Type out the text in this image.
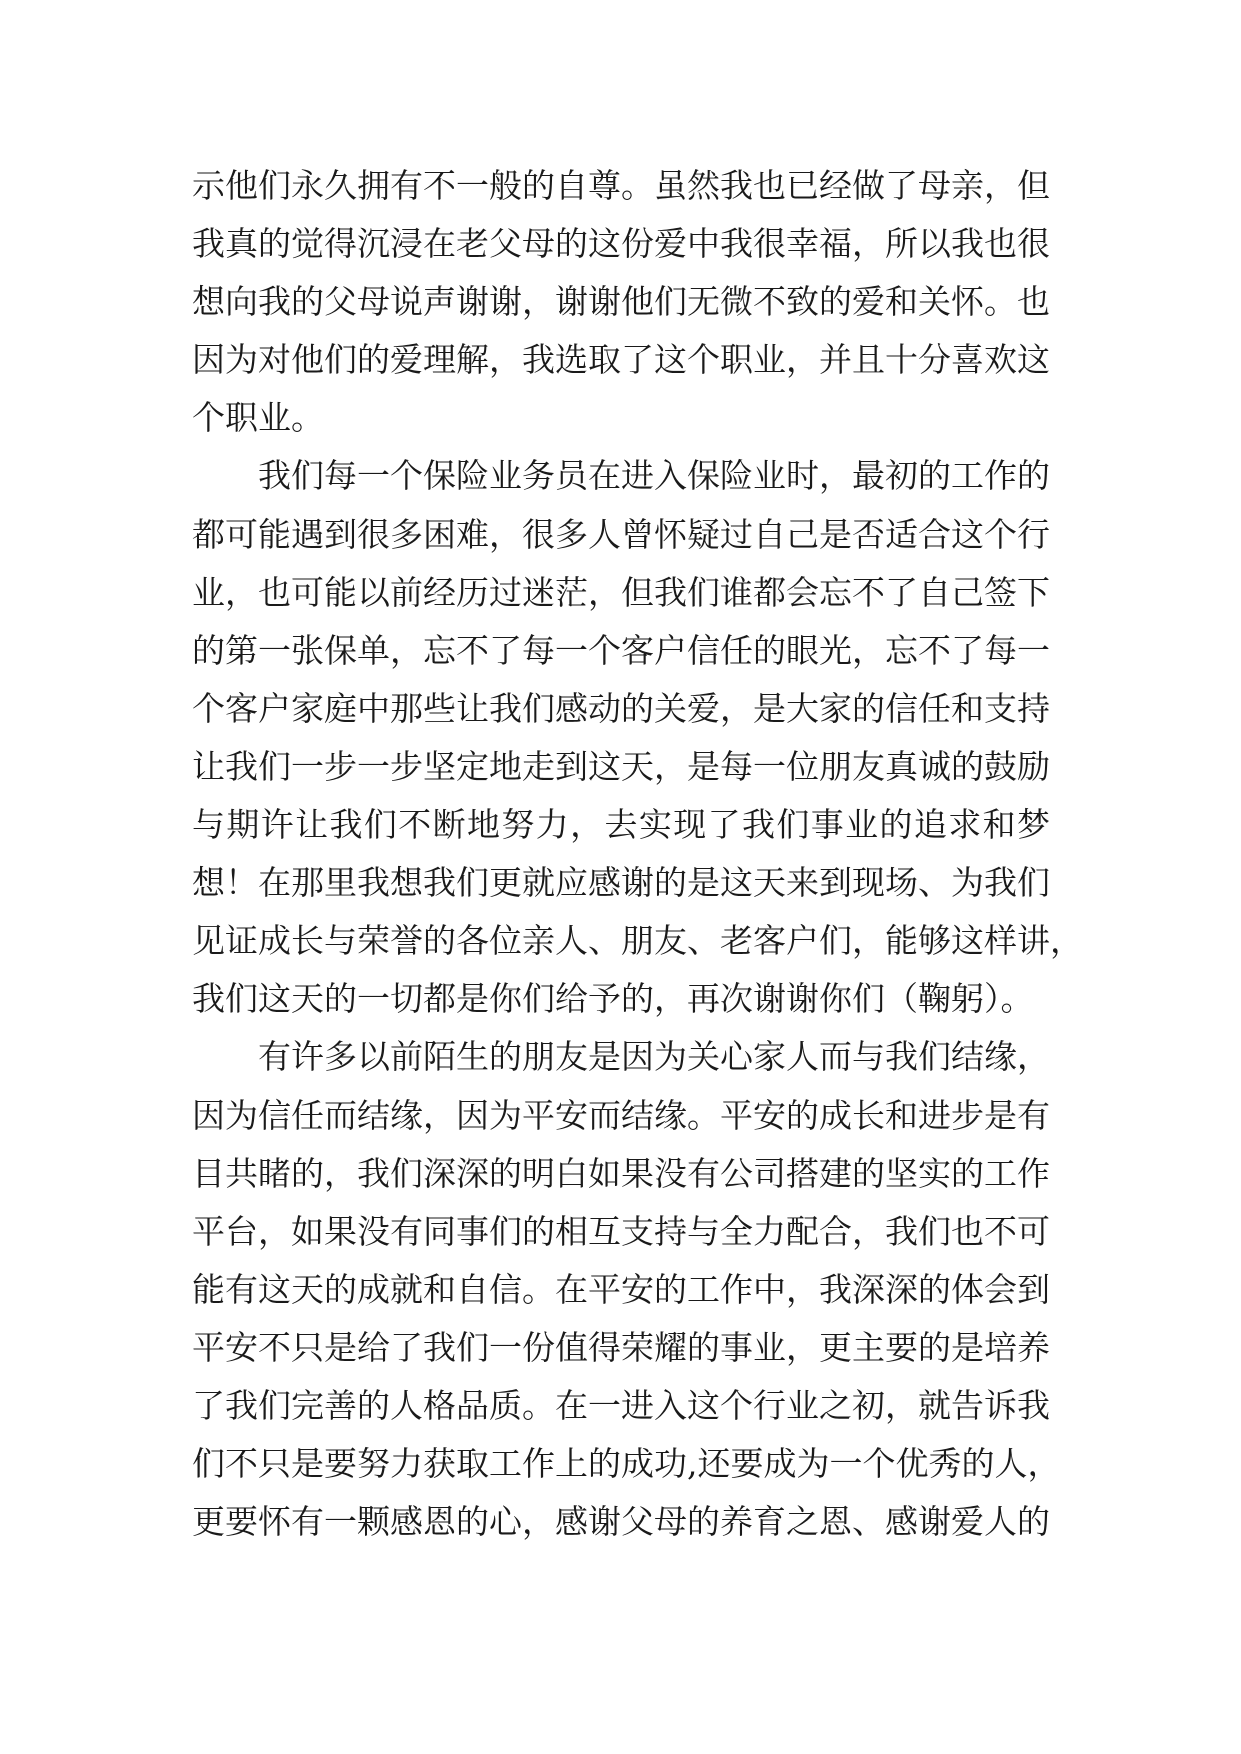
示他们永久拥有不一般的自尊。虽然我也已经做了母亲，但
我真的觉得沉浸在老父母的这份爱中我很幸福，所以我也很
想向我的父母说声谢谢，谢谢他们无微不致的爱和关怀。也
因为对他们的爱理解，我选取了这个职业，并且十分喜欢这
个职业。
我们每一个保险业务员在进入保险业时，最初的工作的
都可能遇到很多困难，很多人曾怀疑过自己是否适合这个行
业，也可能以前经历过迷茫，但我们谁都会忘不了自己签下
的第一张保单，忘不了每一个客户信任的眼光，忘不了每一
个客户家庭中那些让我们感动的关爱，是大家的信任和支持
让我们一步一步坚定地走到这天，是每一位朋友真诚的鼓励
与期许让我们不断地努力，去实现了我们事业的追求和梦
想！在那里我想我们更就应感谢的是这天来到现场、为我们
见证成长与荣誉的各位亲人、朋友、老客户们，能够这样讲，
我们这天的一切都是你们给予的，再次谢谢你们（鞠躬）。
有许多以前陌生的朋友是因为关心家人而与我们结缘，
因为信任而结缘，因为平安而结缘。平安的成长和进步是有
目共睹的，我们深深的明白如果没有公司搭建的坚实的工作
平台，如果没有同事们的相互支持与全力配合，我们也不可
能有这天的成就和自信。在平安的工作中，我深深的体会到
平安不只是给了我们一份值得荣耀的事业，更主要的是培养
了我们完善的人格品质。在一进入这个行业之初，就告诉我
们不只是要努力获取工作上的成功,还要成为一个优秀的人，
更要怀有一颗感恩的心，感谢父母的养育之恩、感谢爱人的
